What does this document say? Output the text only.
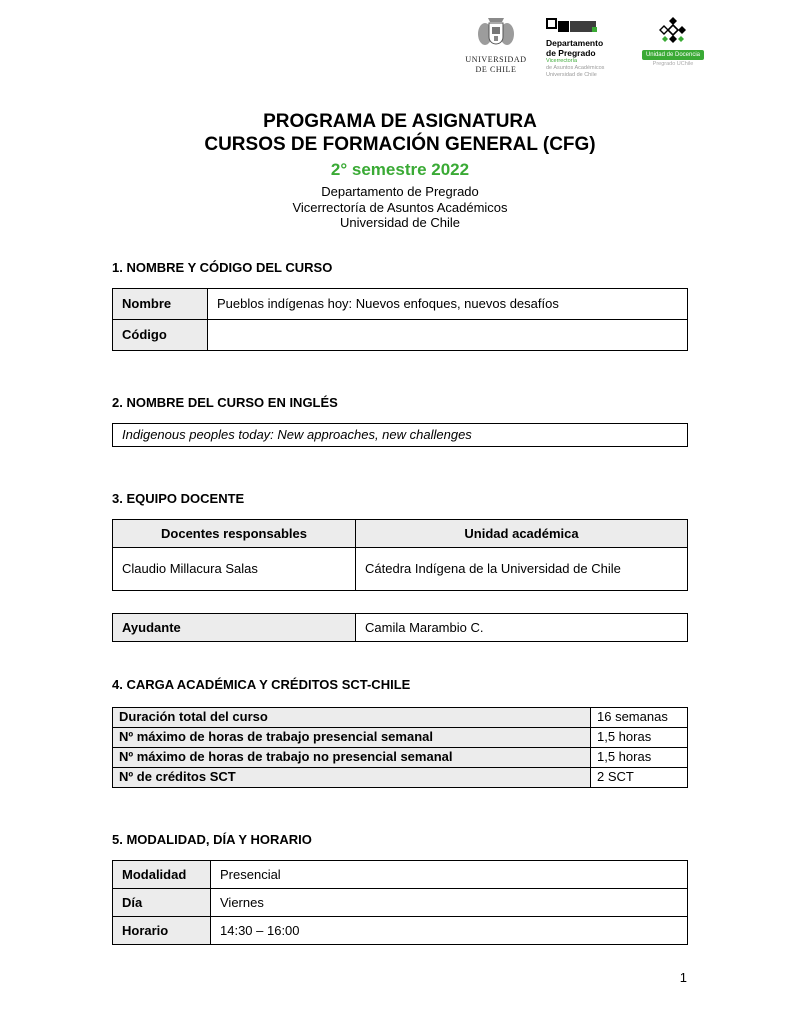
UNIVERSIDAD
DE CHILE
Departamento
de Pregrado
Vicerrectoría
de Asuntos Académicos
Universidad de Chile
Unidad de Docencia
Pregrado UChile
PROGRAMA DE ASIGNATURA
CURSOS DE FORMACIÓN GENERAL (CFG)
2° semestre 2022
Departamento de Pregrado
Vicerrectoría de Asuntos Académicos
Universidad de Chile
1. NOMBRE Y CÓDIGO DEL CURSO
Nombre	Pueblos indígenas hoy: Nuevos enfoques, nuevos desafíos
Código	
2. NOMBRE DEL CURSO EN INGLÉS
Indigenous peoples today: New approaches, new challenges
3. EQUIPO DOCENTE
Docentes responsables	Unidad académica
Claudio Millacura Salas	Cátedra Indígena de la Universidad de Chile
Ayudante	Camila Marambio C.
4. CARGA ACADÉMICA Y CRÉDITOS SCT-CHILE
Duración total del curso	16 semanas
Nº máximo de horas de trabajo presencial semanal	1,5 horas
Nº máximo de horas de trabajo no presencial semanal	1,5 horas
Nº de créditos SCT	2 SCT
5. MODALIDAD, DÍA Y HORARIO
Modalidad	Presencial
Día	Viernes
Horario	14:30 – 16:00
1
